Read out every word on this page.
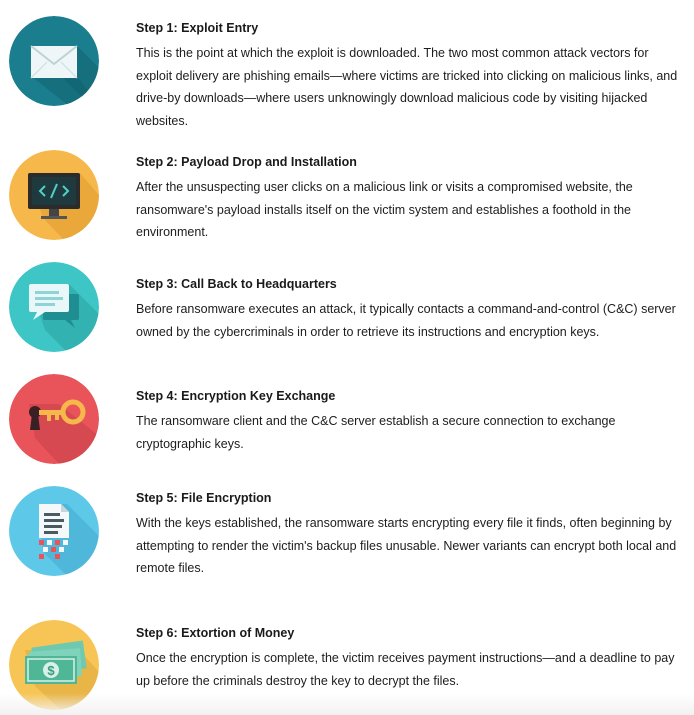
Step 1: Exploit Entry

This is the point at which the exploit is downloaded. The two most common attack vectors for exploit delivery are phishing emails—where victims are tricked into clicking on malicious links, and drive-by downloads—where users unknowingly download malicious code by visiting hijacked websites.

Step 2: Payload Drop and Installation

After the unsuspecting user clicks on a malicious link or visits a compromised website, the ransomware's payload installs itself on the victim system and establishes a foothold in the environment.

Step 3: Call Back to Headquarters

Before ransomware executes an attack, it typically contacts a command-and-control (C&C) server owned by the cybercriminals in order to retrieve its instructions and encryption keys.

Step 4: Encryption Key Exchange

The ransomware client and the C&C server establish a secure connection to exchange cryptographic keys.

Step 5: File Encryption

With the keys established, the ransomware starts encrypting every file it finds, often beginning by attempting to render the victim's backup files unusable. Newer variants can encrypt both local and remote files.

$

Step 6: Extortion of Money

Once the encryption is complete, the victim receives payment instructions—and a deadline to pay up before the criminals destroy the key to decrypt the files.
